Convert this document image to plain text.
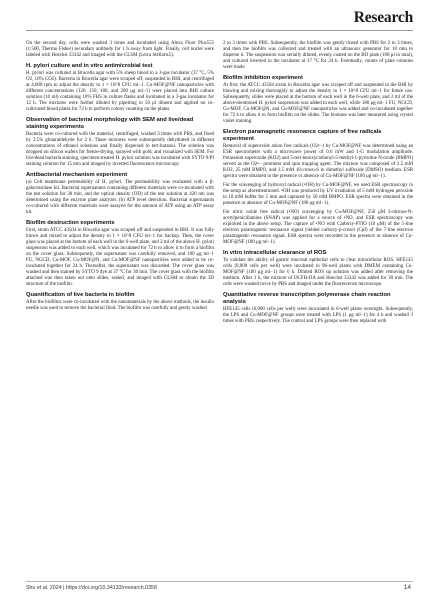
Research

On the second day, cells were washed 3 times and incubated using Alexa Fluor Plus555 (1:500, Thermo Fisher) secondary antibody for 1 h away from light. Finally, cell nuclei were labeled with Hoechst 33342 and imaged with the CLSM (Leica Stellaris5).

H. pylori culture and in vitro antimicrobial test

H. pylori was cultured in Brucella agar with 5% sheep blood in a 3-gas incubator (37 °C, 5% O2, 10% CO2). Bacteria in Brucella agar were scraped off, suspended in BHI, and centrifuged at 4,000 rpm to adjust the density to 1 × 10^8 CFU ml−1. Cu-MOF@NF nanoparticles with different concentrations (120, 150, 180, and 200 μg ml−1) were placed into BHI culture solution (10 ml) containing 10% FBS in culture flasks and incubated in a 3-gas incubator for 12 h. The mixtures were further diluted by pipetting in 50 μl diluent and applied on co-cultivated blood plates for 72 h to perform colony counting on the plates.

Observation of bacterial morphology with SEM and live/dead staining experiments

Bacteria were co-cultured with the material, centrifuged, washed 3 times with PBS, and fixed by 2.5% glutaraldehyde for 2 h. These mixtures were subsequently dehydrated in different concentrations of ethanol solutions and finally dispersed in tert-butanol. The solution was dropped on silicon wafers for freeze-drying, sprayed with gold, and visualized with SEM. For live/dead bacteria staining, specimen-treated H. pylori solution was incubated with SYTO 9/PI staining solution for 15 min and imaged by inverted fluorescence microscopy.

Antibacterial mechanism experiment

(a) Cell membrane permeability of H. pylori. The permeability was evaluated with a β-galactosidase kit. Bacterial supernatants containing different materials were co-incubated with the test solution for 30 min, and the optical density (OD) of the test solution at 420 nm was determined using the enzyme plate analyzer. (b) ATP level detection. Bacterial supernatants co-cultured with different materials were assayed for the amount of ATP using an ATP assay kit.

Biofilm destruction experiments

First, strain ATCC 43504 in Brucella agar was scraped off and suspended in BHI. It was fully blown and mixed to adjust the density to 1 × 10^8 CFU ml−1 for backup. Then, the cover glass was placed at the bottom of each well in the 6-well plate, and 2 ml of the above H. pylori suspension was added to each well, which was incubated for 72 h to allow it to form a biofilm on the cover glass. Subsequently, the supernatant was carefully removed, and 180 μg ml−1 FU, NGCD, Cu-MOF, Cu-MOF@N, and Cu-MOF@NF nanoparticles were added to be co-incubated together for 24 h. Thereafter, the supernatant was discarded. The cover glass was washed and then stained by SYTO 9 dye at 37 °C for 30 min. The cover glass with the biofilm attached was then taken out onto slides, sealed, and imaged with CLSM to obtain the 3D structure of the biofilm.

Quantification of live bacteria in biofilm

After the biofilms were co-incubated with the nanomaterials by the above methods, the insulin needle was used to remove the bacterial fluid. The biofilm was carefully and gently washed

2 to 3 times with PBS. Subsequently, the biofilm was gently rinsed with PBS for 2 to 3 times, and then the biofilm was collected and treated with an ultrasonic generator for 10 min to disperse it. The suspension was serially diluted, evenly coated on the BD plate (100 μl in total), and cultured inverted in the incubator at 37 °C for 24 h. Eventually, counts of plate colonies were made.

Biofilm inhibition experiment

At first, the ATCC 43504 strain in Brucella agar was scraped off and suspended in the BHI by blowing and mixing thoroughly to adjust the density to 1 × 10^8 CFU ml−1 for future use. Subsequently, slides were placed at the bottom of each well in the 6-well plate, and 2 ml of the above-mentioned H. pylori suspension was added to each well, while 180 μg ml−1 FU, NGCD, Cu-MOF, Cu-MOF@N, and Cu-MOF@NF nanoparticles was added and co-incubated together for 72 h to allow it to form biofilm on the slides. The biomass was later measured using crystal violet staining.

Electron paramagnetic resonance capture of free radicals experiment

Removal of superoxide anion free radicals (O2•−) by Cu-MOF@NF was determined using an ESR spectrometer with a microwave power of 0.6 mW and 1-G modulation amplitude. Potassium superoxide (KO2) and 5-tert-butoxycarbonyl-5-methyl-1-pyrroline N-oxide (BMPO) served as the O2•− promoter and spin trapping agent. The mixture was composed of 2.5 mM KO2, 25 mM BMPO, and 3.5 mM 18-crown-6 in dimethyl sulfoxide (DMSO) medium. ESR spectra were obtained in the presence or absence of Cu-MOF@NF (180 μg ml−1).

For the scavenging of hydroxyl radical (•OH) by Cu-MOF@NF, we used ESR spectroscopy in the setup as aforementioned. •OH was produced by UV irradiation of 5 mM hydrogen peroxide in 10 mM buffer for 5 min and captured by 50 mM BMPO. ESR spectra were obtained in the presence or absence of Cu-MOF@NF (180 μg ml−1).

For nitric oxide free radical (•NO) scavenging by Cu-MOF@NF, 250 μM S-nitroso-N-acetylpenicillamine (SNAP) was applied for a source of •NO, and ESR spectroscopy was exploited in the above setup. The capture of •NO with Carboxy-PTIO (10 μM) of the 5-line electron paramagnetic resonance signal yielded carboxy-p-cresol (CpI) of the 7-line electron paramagnetic resonance signal. ESR spectra were recorded in the presence or absence of Cu-MOF@NF (180 μg ml−1).

In vitro intracellular clearance of ROS

To validate the ability of gastric mucosal epithelial cells to clear intracellular ROS, HFE145 cells (8,000 cells per well) were incubated in 96-well plates with DMEM containing Cu-MOF@NF (180 μg ml−1) for 6 h. Diluted ROS up solution was added after removing the medium. After 1 h, the mixture of DCFH-DA and Hoechst 33342 was added for 30 min. The cells were washed twice by PBS and imaged under the fluorescence microscope.

Quantitative reverse transcription polymerase chain reaction analysis

HFE145 cells (6,000 cells per well) were inoculated in 6-well plates overnight. Subsequently, the LPS and Cu-MOF@NF groups were treated with LPS (1 μg ml−1) for 4 h and washed 3 times with PBS, respectively. The control and LPS groups were then replaced with

Shu et al. 2024 | https://doi.org/10.34133/research.0358	14
